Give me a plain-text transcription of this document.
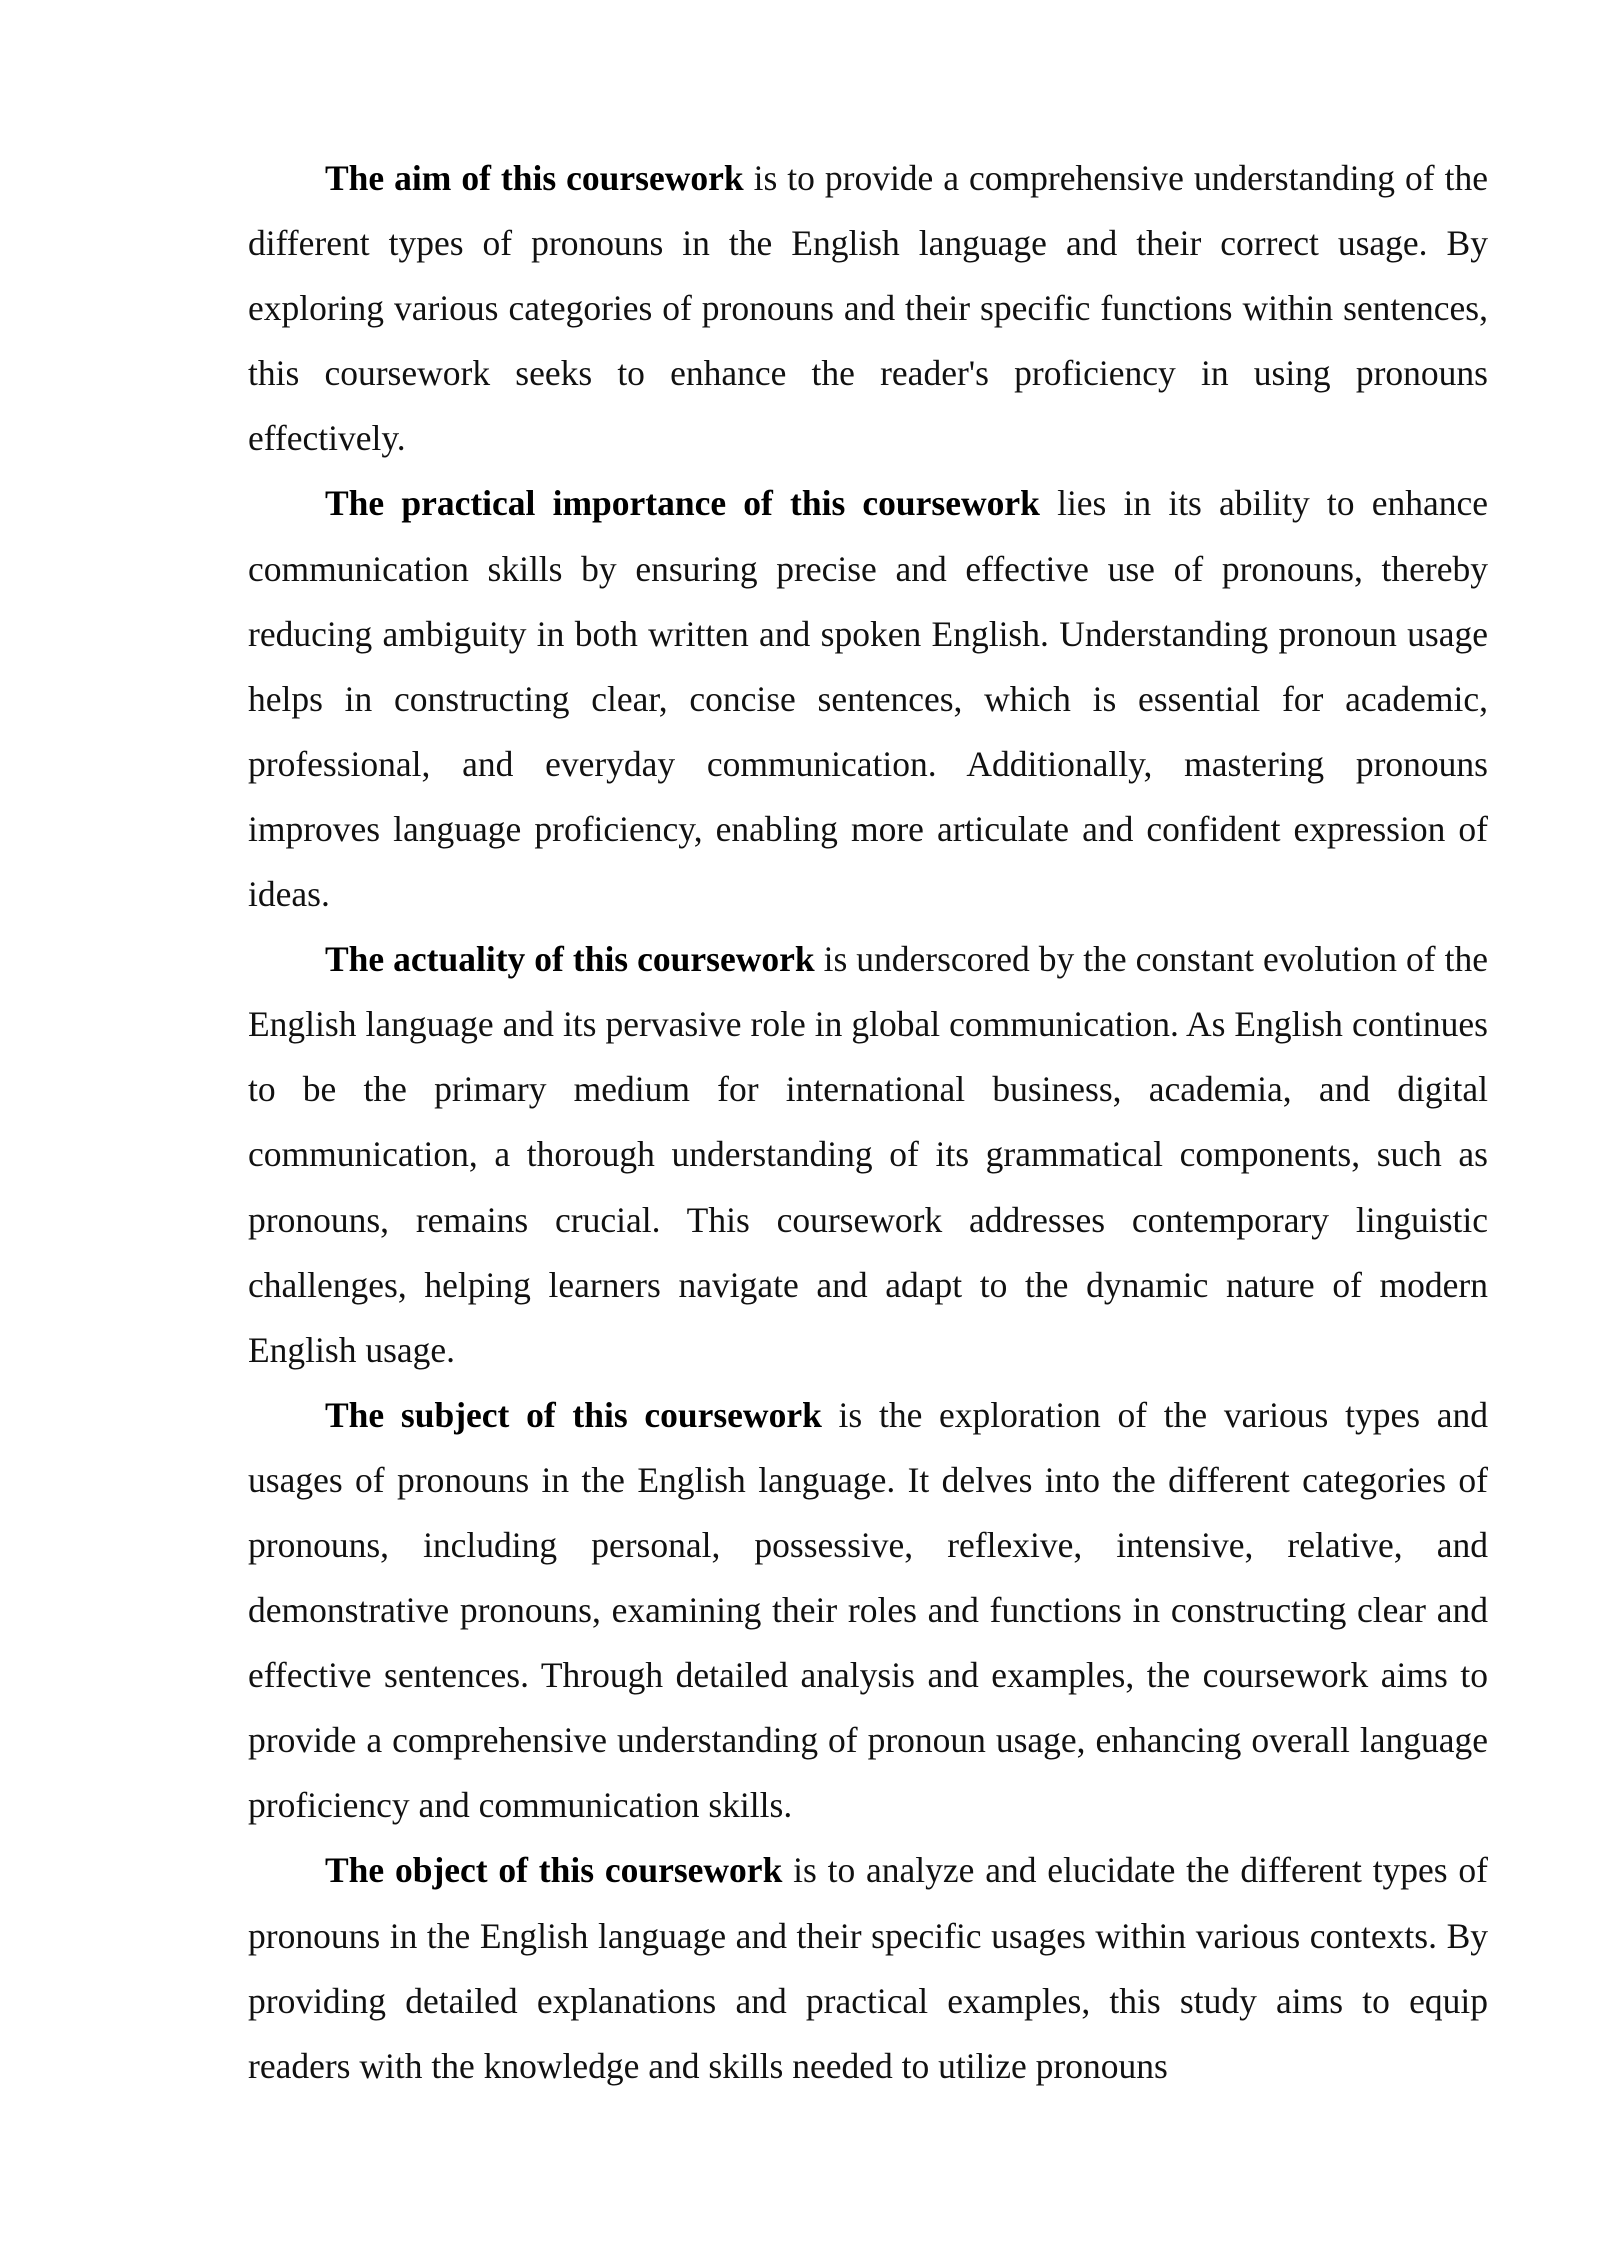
The aim of this coursework is to provide a comprehensive understanding of the different types of pronouns in the English language and their correct usage. By exploring various categories of pronouns and their specific functions within sentences, this coursework seeks to enhance the reader's proficiency in using pronouns effectively.

The practical importance of this coursework lies in its ability to enhance communication skills by ensuring precise and effective use of pronouns, thereby reducing ambiguity in both written and spoken English. Understanding pronoun usage helps in constructing clear, concise sentences, which is essential for academic, professional, and everyday communication. Additionally, mastering pronouns improves language proficiency, enabling more articulate and confident expression of ideas.

The actuality of this coursework is underscored by the constant evolution of the English language and its pervasive role in global communication. As English continues to be the primary medium for international business, academia, and digital communication, a thorough understanding of its grammatical components, such as pronouns, remains crucial. This coursework addresses contemporary linguistic challenges, helping learners navigate and adapt to the dynamic nature of modern English usage.

The subject of this coursework is the exploration of the various types and usages of pronouns in the English language. It delves into the different categories of pronouns, including personal, possessive, reflexive, intensive, relative, and demonstrative pronouns, examining their roles and functions in constructing clear and effective sentences. Through detailed analysis and examples, the coursework aims to provide a comprehensive understanding of pronoun usage, enhancing overall language proficiency and communication skills.

The object of this coursework is to analyze and elucidate the different types of pronouns in the English language and their specific usages within various contexts. By providing detailed explanations and practical examples, this study aims to equip readers with the knowledge and skills needed to utilize pronouns
